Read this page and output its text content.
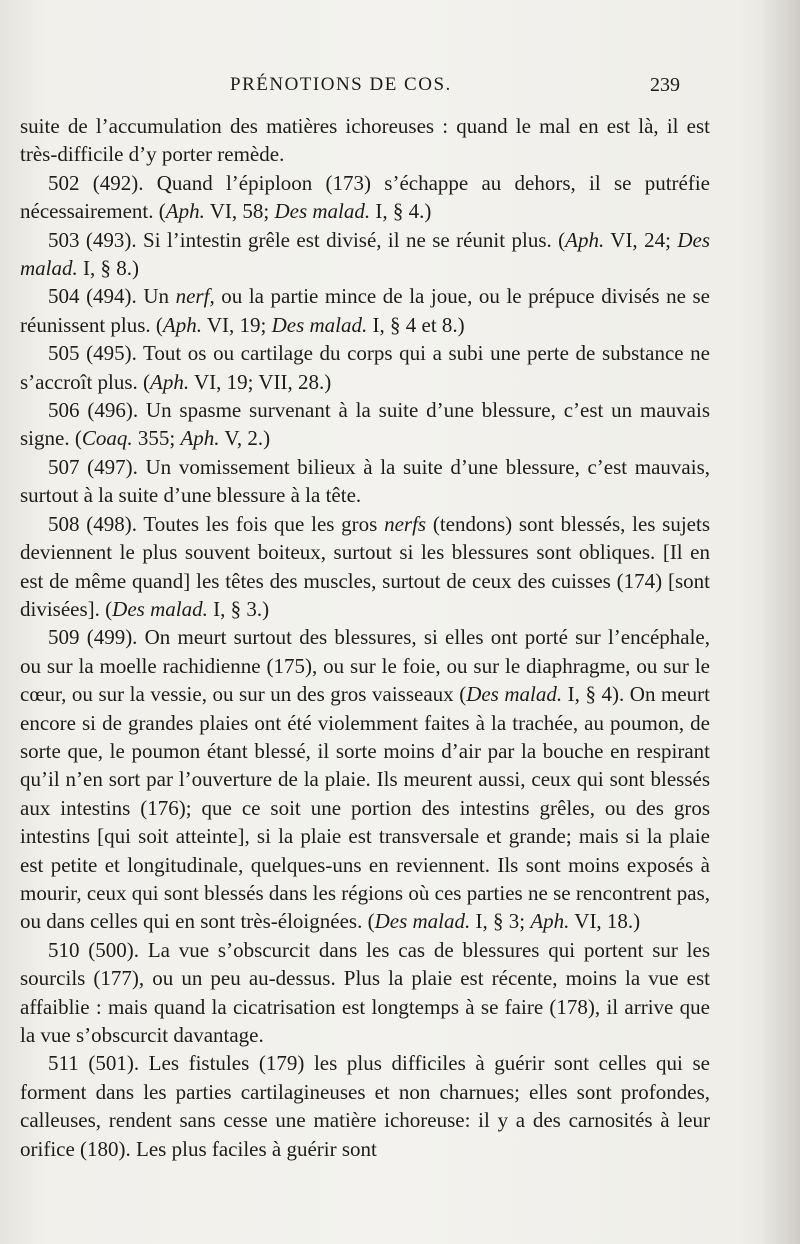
PRÉNOTIONS DE COS.	239

suite de l’accumulation des matières ichoreuses : quand le mal en est là, il est très-difficile d’y porter remède.

502 (492). Quand l’épiploon (173) s’échappe au dehors, il se putréfie nécessairement. (Aph. VI, 58; Des malad. I, § 4.)

503 (493). Si l’intestin grêle est divisé, il ne se réunit plus. (Aph. VI, 24; Des malad. I, § 8.)

504 (494). Un nerf, ou la partie mince de la joue, ou le prépuce divisés ne se réunissent plus. (Aph. VI, 19; Des malad. I, § 4 et 8.)

505 (495). Tout os ou cartilage du corps qui a subi une perte de substance ne s’accroît plus. (Aph. VI, 19; VII, 28.)

506 (496). Un spasme survenant à la suite d’une blessure, c’est un mauvais signe. (Coaq. 355; Aph. V, 2.)

507 (497). Un vomissement bilieux à la suite d’une blessure, c’est mauvais, surtout à la suite d’une blessure à la tête.

508 (498). Toutes les fois que les gros nerfs (tendons) sont blessés, les sujets deviennent le plus souvent boiteux, surtout si les blessures sont obliques. [Il en est de même quand] les têtes des muscles, surtout de ceux des cuisses (174) [sont divisées]. (Des malad. I, § 3.)

509 (499). On meurt surtout des blessures, si elles ont porté sur l’encéphale, ou sur la moelle rachidienne (175), ou sur le foie, ou sur le diaphragme, ou sur le cœur, ou sur la vessie, ou sur un des gros vaisseaux (Des malad. I, § 4). On meurt encore si de grandes plaies ont été violemment faites à la trachée, au poumon, de sorte que, le poumon étant blessé, il sorte moins d’air par la bouche en respirant qu’il n’en sort par l’ouverture de la plaie. Ils meurent aussi, ceux qui sont blessés aux intestins (176); que ce soit une portion des intestins grêles, ou des gros intestins [qui soit atteinte], si la plaie est transversale et grande; mais si la plaie est petite et longitudinale, quelques-uns en reviennent. Ils sont moins exposés à mourir, ceux qui sont blessés dans les régions où ces parties ne se rencontrent pas, ou dans celles qui en sont très-éloignées. (Des malad. I, § 3; Aph. VI, 18.)

510 (500). La vue s’obscurcit dans les cas de blessures qui portent sur les sourcils (177), ou un peu au-dessus. Plus la plaie est récente, moins la vue est affaiblie : mais quand la cicatrisation est longtemps à se faire (178), il arrive que la vue s’obscurcit davantage.

511 (501). Les fistules (179) les plus difficiles à guérir sont celles qui se forment dans les parties cartilagineuses et non charnues; elles sont profondes, calleuses, rendent sans cesse une matière ichoreuse: il y a des carnosités à leur orifice (180). Les plus faciles à guérir sont
